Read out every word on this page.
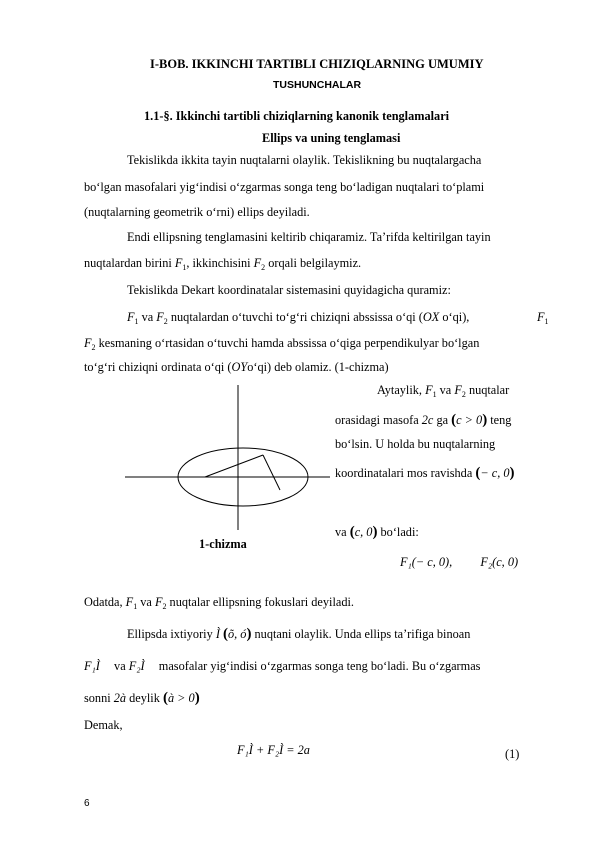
I-BOB. IKKINCHI TARTIBLI CHIZIQLARNING UMUMIY
TUSHUNCHALAR
1.1-§. Ikkinchi tartibli chiziqlarning kanonik tenglamalari
Ellips va uning tenglamasi
Tekislikda ikkita tayin nuqtalarni olaylik. Tekislikning bu nuqtalargacha
bo‘lgan masofalari yig‘indisi o‘zgarmas songa teng bo‘ladigan nuqtalari to‘plami
(nuqtalarning geometrik o‘rni) ellips deyiladi.
Endi ellipsning tenglamasini keltirib chiqaramiz. Ta’rifda keltirilgan tayin
nuqtalardan birini $F_1$, ikkinchisini $F_2$ orqali belgilaymiz.
Tekislikda Dekart koordinatalar sistemasini quyidagicha quramiz:
$F_1$ va $F_2$ nuqtalardan o‘tuvchi to‘g‘ri chiziqni abssissa o‘qi (OX o‘qi),	$F_1$
$F_2$ kesmaning o‘rtasidan o‘tuvchi hamda abssissa o‘qiga perpendikulyar bo‘lgan
to‘g‘ri chiziqni ordinata o‘qi (OYo‘qi) deb olamiz. (1-chizma)
1-chizma
Aytaylik, $F_1$ va $F_2$ nuqtalar
orasidagi masofa 2c ga (c > 0) teng
bo‘lsin. U holda bu nuqtalarning
koordinatalari mos ravishda (− c, 0)
va (c, 0) bo‘ladi:
F₁(− c, 0), F₂(c, 0)
Odatda, $F_1$ va $F_2$ nuqtalar ellipsning fokuslari deyiladi.
Ellipsda ixtiyoriy Ì (õ, ó) nuqtani olaylik. Unda ellips ta’rifiga binoan
F₁Ì va F₂Ì masofalar yig‘indisi o‘zgarmas songa teng bo‘ladi. Bu o‘zgarmas
sonni 2à deylik (à > 0)
Demak,
F₁Ì + F₂Ì = 2a	(1)
6
